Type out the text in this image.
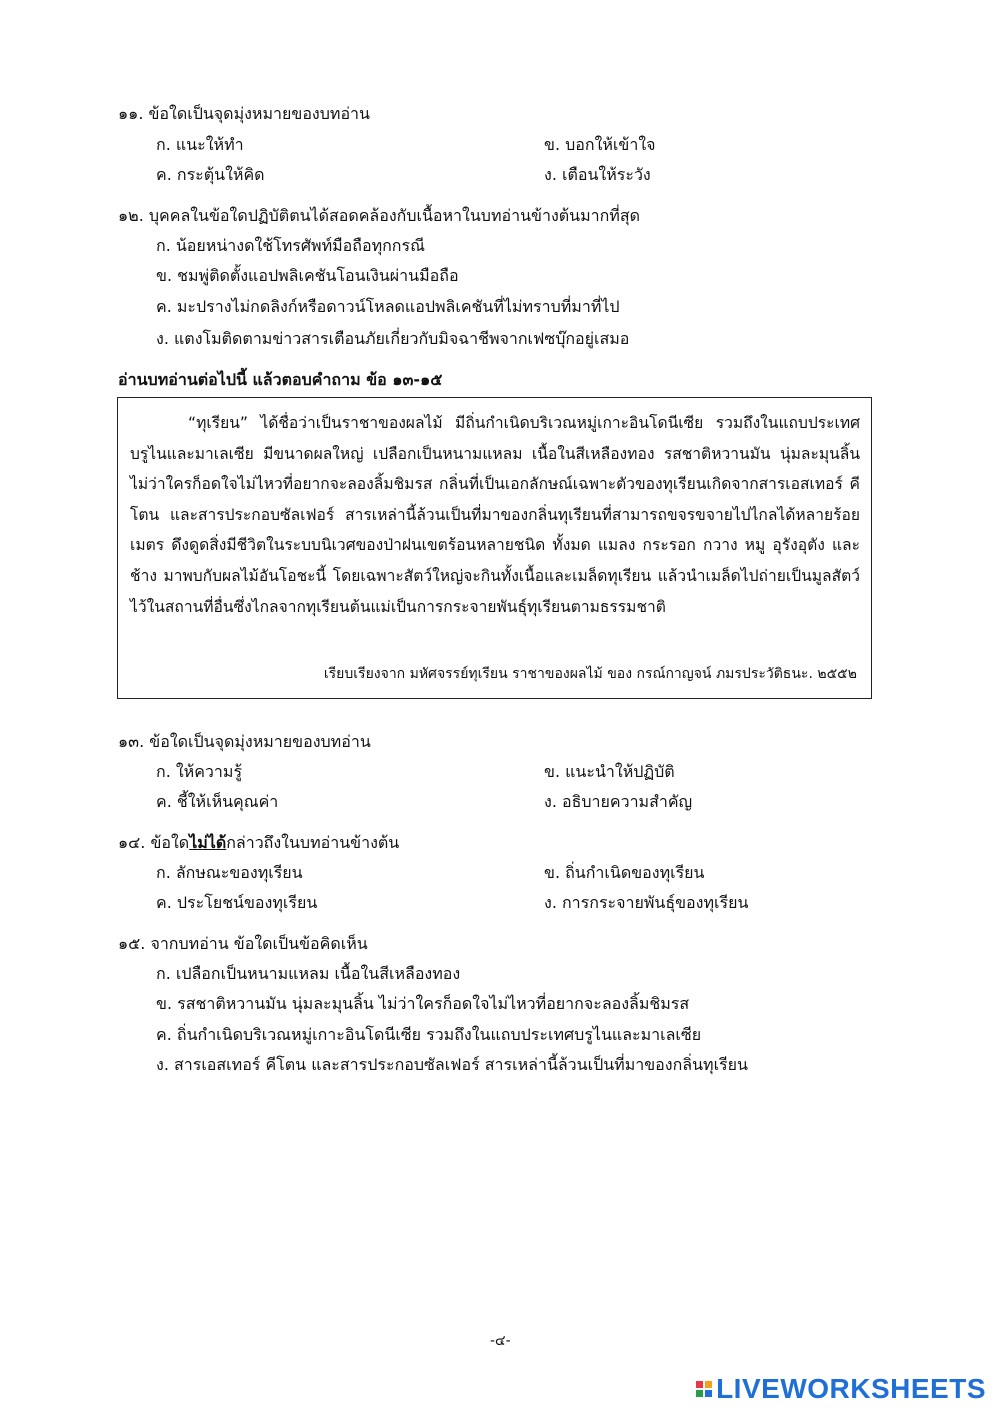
๑๑. ข้อใดเป็นจุดมุ่งหมายของบทอ่าน
ก. แนะให้ทำ	ข. บอกให้เข้าใจ
ค. กระตุ้นให้คิด	ง. เตือนให้ระวัง
๑๒. บุคคลในข้อใดปฏิบัติตนได้สอดคล้องกับเนื้อหาในบทอ่านข้างต้นมากที่สุด
ก. น้อยหน่างดใช้โทรศัพท์มือถือทุกกรณี
ข. ชมพู่ติดตั้งแอปพลิเคชันโอนเงินผ่านมือถือ
ค. มะปรางไม่กดลิงก์หรือดาวน์โหลดแอปพลิเคชันที่ไม่ทราบที่มาที่ไป
ง. แตงโมติดตามข่าวสารเตือนภัยเกี่ยวกับมิจฉาชีพจากเฟซบุ๊กอยู่เสมอ
อ่านบทอ่านต่อไปนี้ แล้วตอบคำถาม ข้อ ๑๓-๑๕
“ทุเรียน” ได้ชื่อว่าเป็นราชาของผลไม้ มีถิ่นกำเนิดบริเวณหมู่เกาะอินโดนีเซีย รวมถึงในแถบประเทศบรูไนและมาเลเซีย มีขนาดผลใหญ่ เปลือกเป็นหนามแหลม เนื้อในสีเหลืองทอง รสชาติหวานมัน นุ่มละมุนลิ้น ไม่ว่าใครก็อดใจไม่ไหวที่อยากจะลองลิ้มชิมรส กลิ่นที่เป็นเอกลักษณ์เฉพาะตัวของทุเรียนเกิดจากสารเอสเทอร์ คีโตน และสารประกอบซัลเฟอร์ สารเหล่านี้ล้วนเป็นที่มาของกลิ่นทุเรียนที่สามารถขจรขจายไปไกลได้หลายร้อยเมตร ดึงดูดสิ่งมีชีวิตในระบบนิเวศของป่าฝนเขตร้อนหลายชนิด ทั้งมด แมลง กระรอก กวาง หมู อุรังอุตัง และช้าง มาพบกับผลไม้อันโอชะนี้ โดยเฉพาะสัตว์ใหญ่จะกินทั้งเนื้อและเมล็ดทุเรียน แล้วนำเมล็ดไปถ่ายเป็นมูลสัตว์ไว้ในสถานที่อื่นซึ่งไกลจากทุเรียนต้นแม่เป็นการกระจายพันธุ์ทุเรียนตามธรรมชาติ
เรียบเรียงจาก มหัศจรรย์ทุเรียน ราชาของผลไม้ ของ กรณ์กาญจน์ ภมรประวัติธนะ. ๒๕๕๒
๑๓. ข้อใดเป็นจุดมุ่งหมายของบทอ่าน
ก. ให้ความรู้	ข. แนะนำให้ปฏิบัติ
ค. ชี้ให้เห็นคุณค่า	ง. อธิบายความสำคัญ
๑๔. ข้อใดไม่ได้กล่าวถึงในบทอ่านข้างต้น
ก. ลักษณะของทุเรียน	ข. ถิ่นกำเนิดของทุเรียน
ค. ประโยชน์ของทุเรียน	ง. การกระจายพันธุ์ของทุเรียน
๑๕. จากบทอ่าน ข้อใดเป็นข้อคิดเห็น
ก. เปลือกเป็นหนามแหลม เนื้อในสีเหลืองทอง
ข. รสชาติหวานมัน นุ่มละมุนลิ้น ไม่ว่าใครก็อดใจไม่ไหวที่อยากจะลองลิ้มชิมรส
ค. ถิ่นกำเนิดบริเวณหมู่เกาะอินโดนีเซีย รวมถึงในแถบประเทศบรูไนและมาเลเซีย
ง. สารเอสเทอร์ คีโตน และสารประกอบซัลเฟอร์ สารเหล่านี้ล้วนเป็นที่มาของกลิ่นทุเรียน
-๔-
LIVEWORKSHEETS
